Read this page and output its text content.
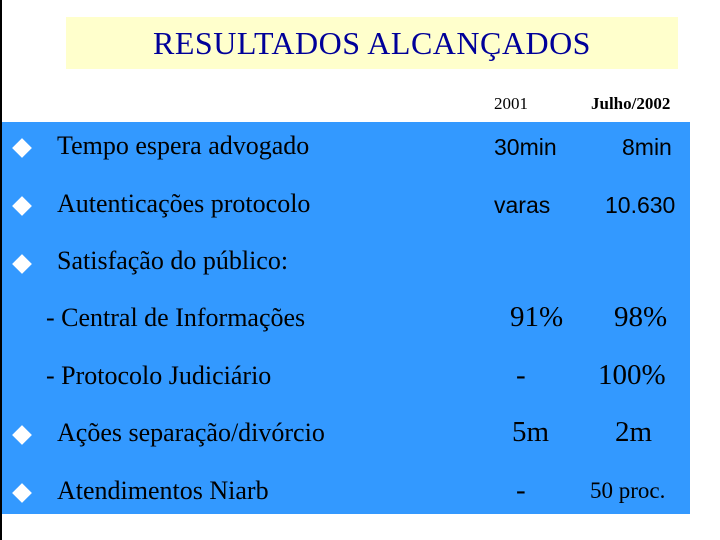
RESULTADOS ALCANÇADOS
2001	Julho/2002
Tempo espera advogado	30min	8min
Autenticações protocolo	varas 10.630
Satisfação do público:
- Central de Informações	91% 98%
- Protocolo Judiciário	- 100%
Ações separação/divórcio	5m 2m
Atendimentos Niarb	-	50 proc.
